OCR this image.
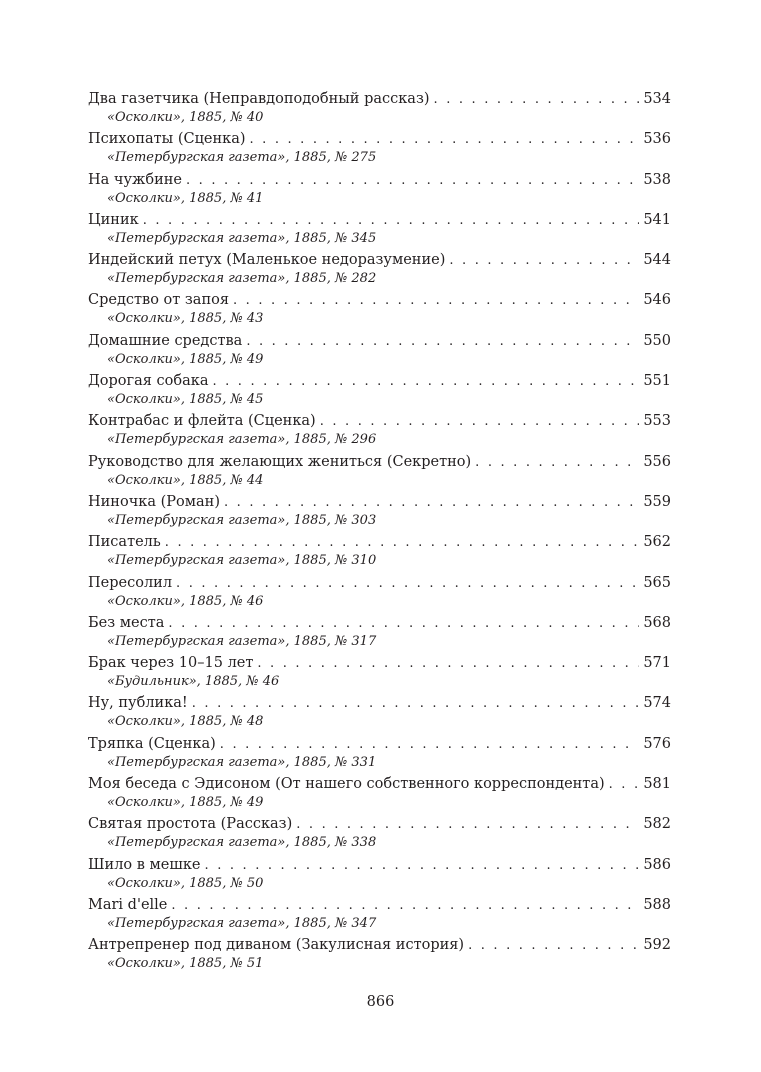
Два газетчика (Неправдоподобный рассказ) . . .	534
«Осколки», 1885, № 40
Психопаты (Сценка) . . .	536
«Петербургская газета», 1885, № 275
На чужбине . . .	538
«Осколки», 1885, № 41
Циник . . .	541
«Петербургская газета», 1885, № 345
Индейский петух (Маленькое недоразумение) . . .	544
«Петербургская газета», 1885, № 282
Средство от запоя . . .	546
«Осколки», 1885, № 43
Домашние средства . . .	550
«Осколки», 1885, № 49
Дорогая собака . . .	551
«Осколки», 1885, № 45
Контрабас и флейта (Сценка) . . .	553
«Петербургская газета», 1885, № 296
Руководство для желающих жениться (Секретно) . . .	556
«Осколки», 1885, № 44
Ниночка (Роман) . . .	559
«Петербургская газета», 1885, № 303
Писатель . . .	562
«Петербургская газета», 1885, № 310
Пересолил . . .	565
«Осколки», 1885, № 46
Без места . . .	568
«Петербургская газета», 1885, № 317
Брак через 10–15 лет . . .	571
«Будильник», 1885, № 46
Ну, публика! . . .	574
«Осколки», 1885, № 48
Тряпка (Сценка) . . .	576
«Петербургская газета», 1885, № 331
Моя беседа с Эдисоном (От нашего собственного корреспондента) . . .	581
«Осколки», 1885, № 49
Святая простота (Рассказ) . . .	582
«Петербургская газета», 1885, № 338
Шило в мешке . . .	586
«Осколки», 1885, № 50
Mari d'elle . . .	588
«Петербургская газета», 1885, № 347
Антрепренер под диваном (Закулисная история) . . .	592
«Осколки», 1885, № 51
866
